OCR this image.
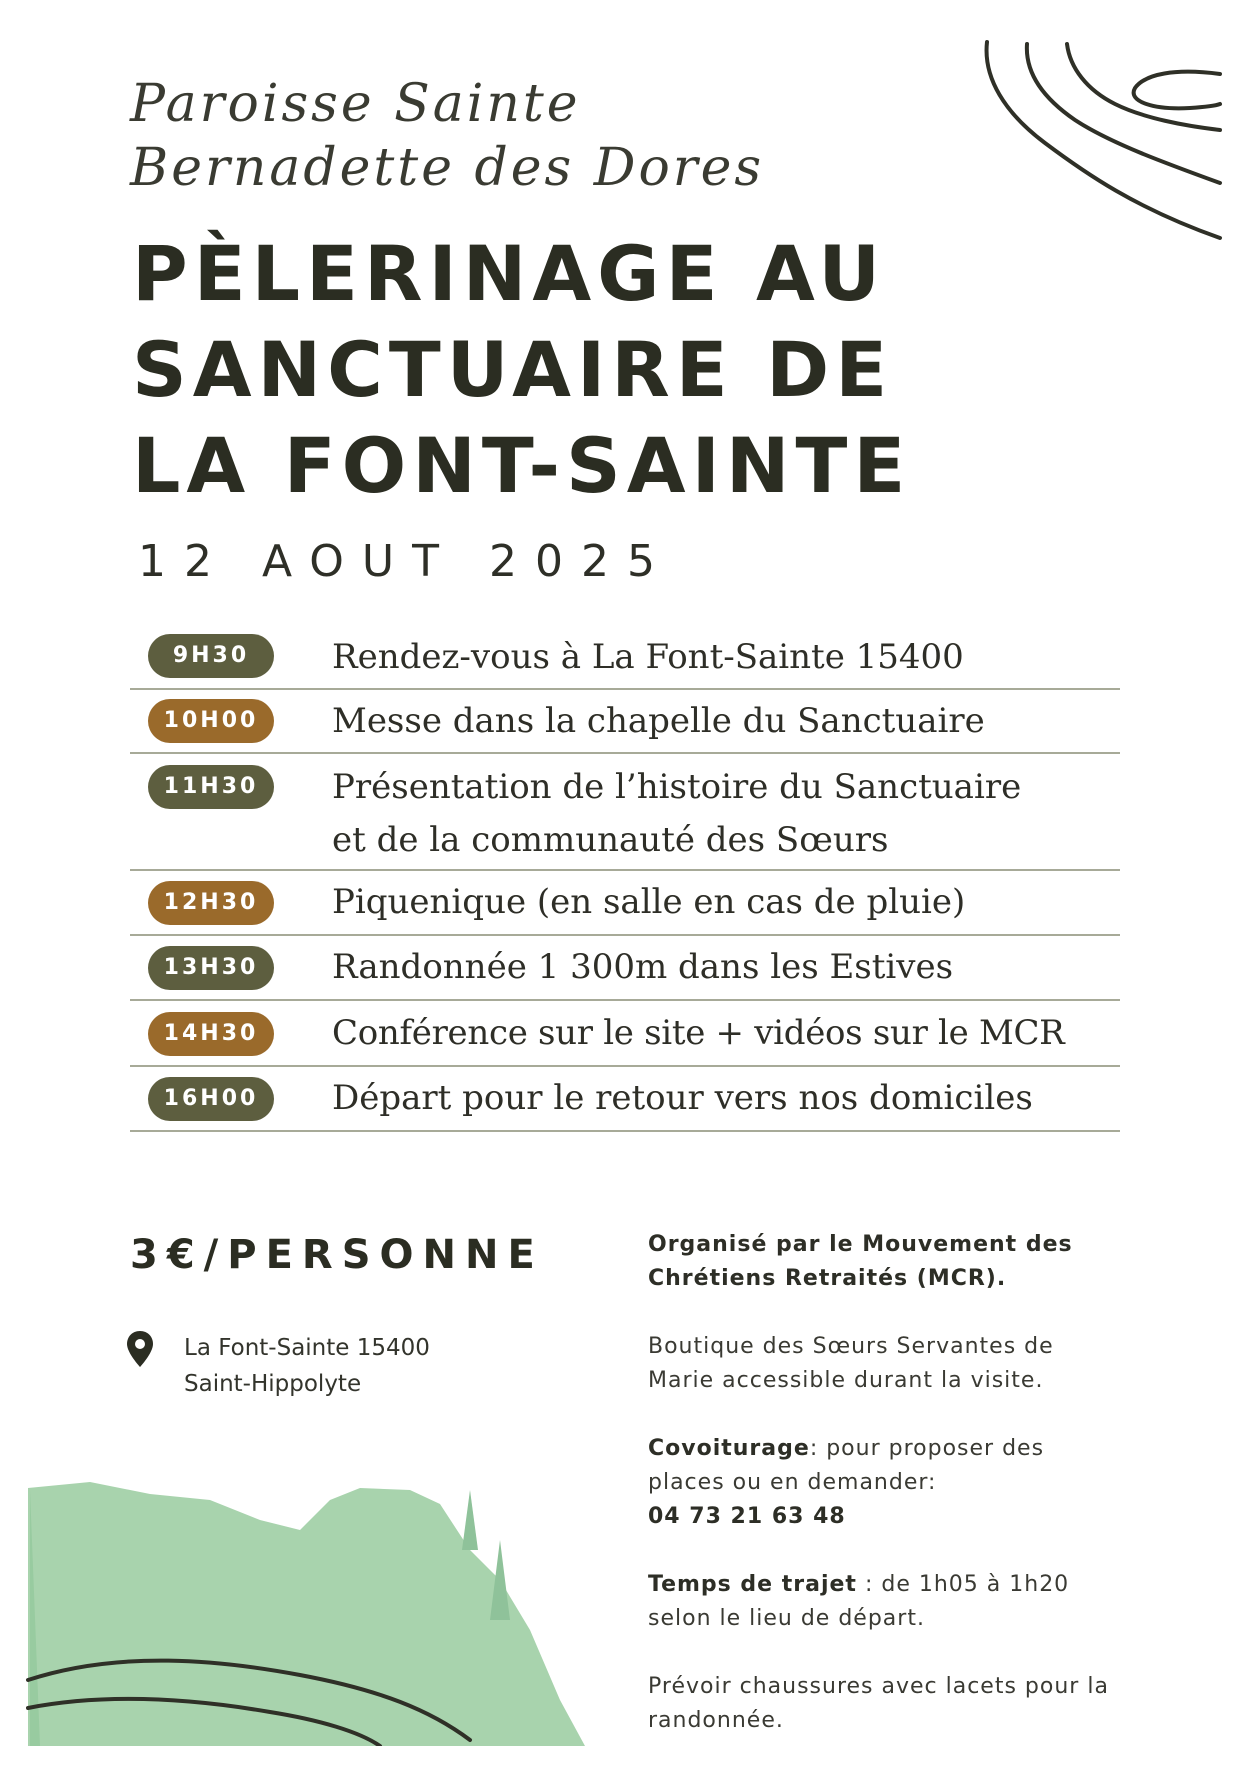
Paroisse Sainte
Bernadette des Dores
PÈLERINAGE AU
SANCTUAIRE DE
LA FONT-SAINTE
12 AOUT 2025
9H30	Rendez-vous à La Font-Sainte 15400
10H00	Messe dans la chapelle du Sanctuaire
11H30	Présentation de l’histoire du Sanctuaire
et de la communauté des Sœurs
12H30	Piquenique (en salle en cas de pluie)
13H30	Randonnée 1 300m dans les Estives
14H30	Conférence sur le site + vidéos sur le MCR
16H00	Départ pour le retour vers nos domiciles
3€/PERSONNE
La Font-Sainte 15400
Saint-Hippolyte

Organisé par le Mouvement des Chrétiens Retraités (MCR).

Boutique des Sœurs Servantes de Marie accessible durant la visite.

Covoiturage: pour proposer des places ou en demander:
04 73 21 63 48

Temps de trajet : de 1h05 à 1h20 selon le lieu de départ.

Prévoir chaussures avec lacets pour la randonnée.
